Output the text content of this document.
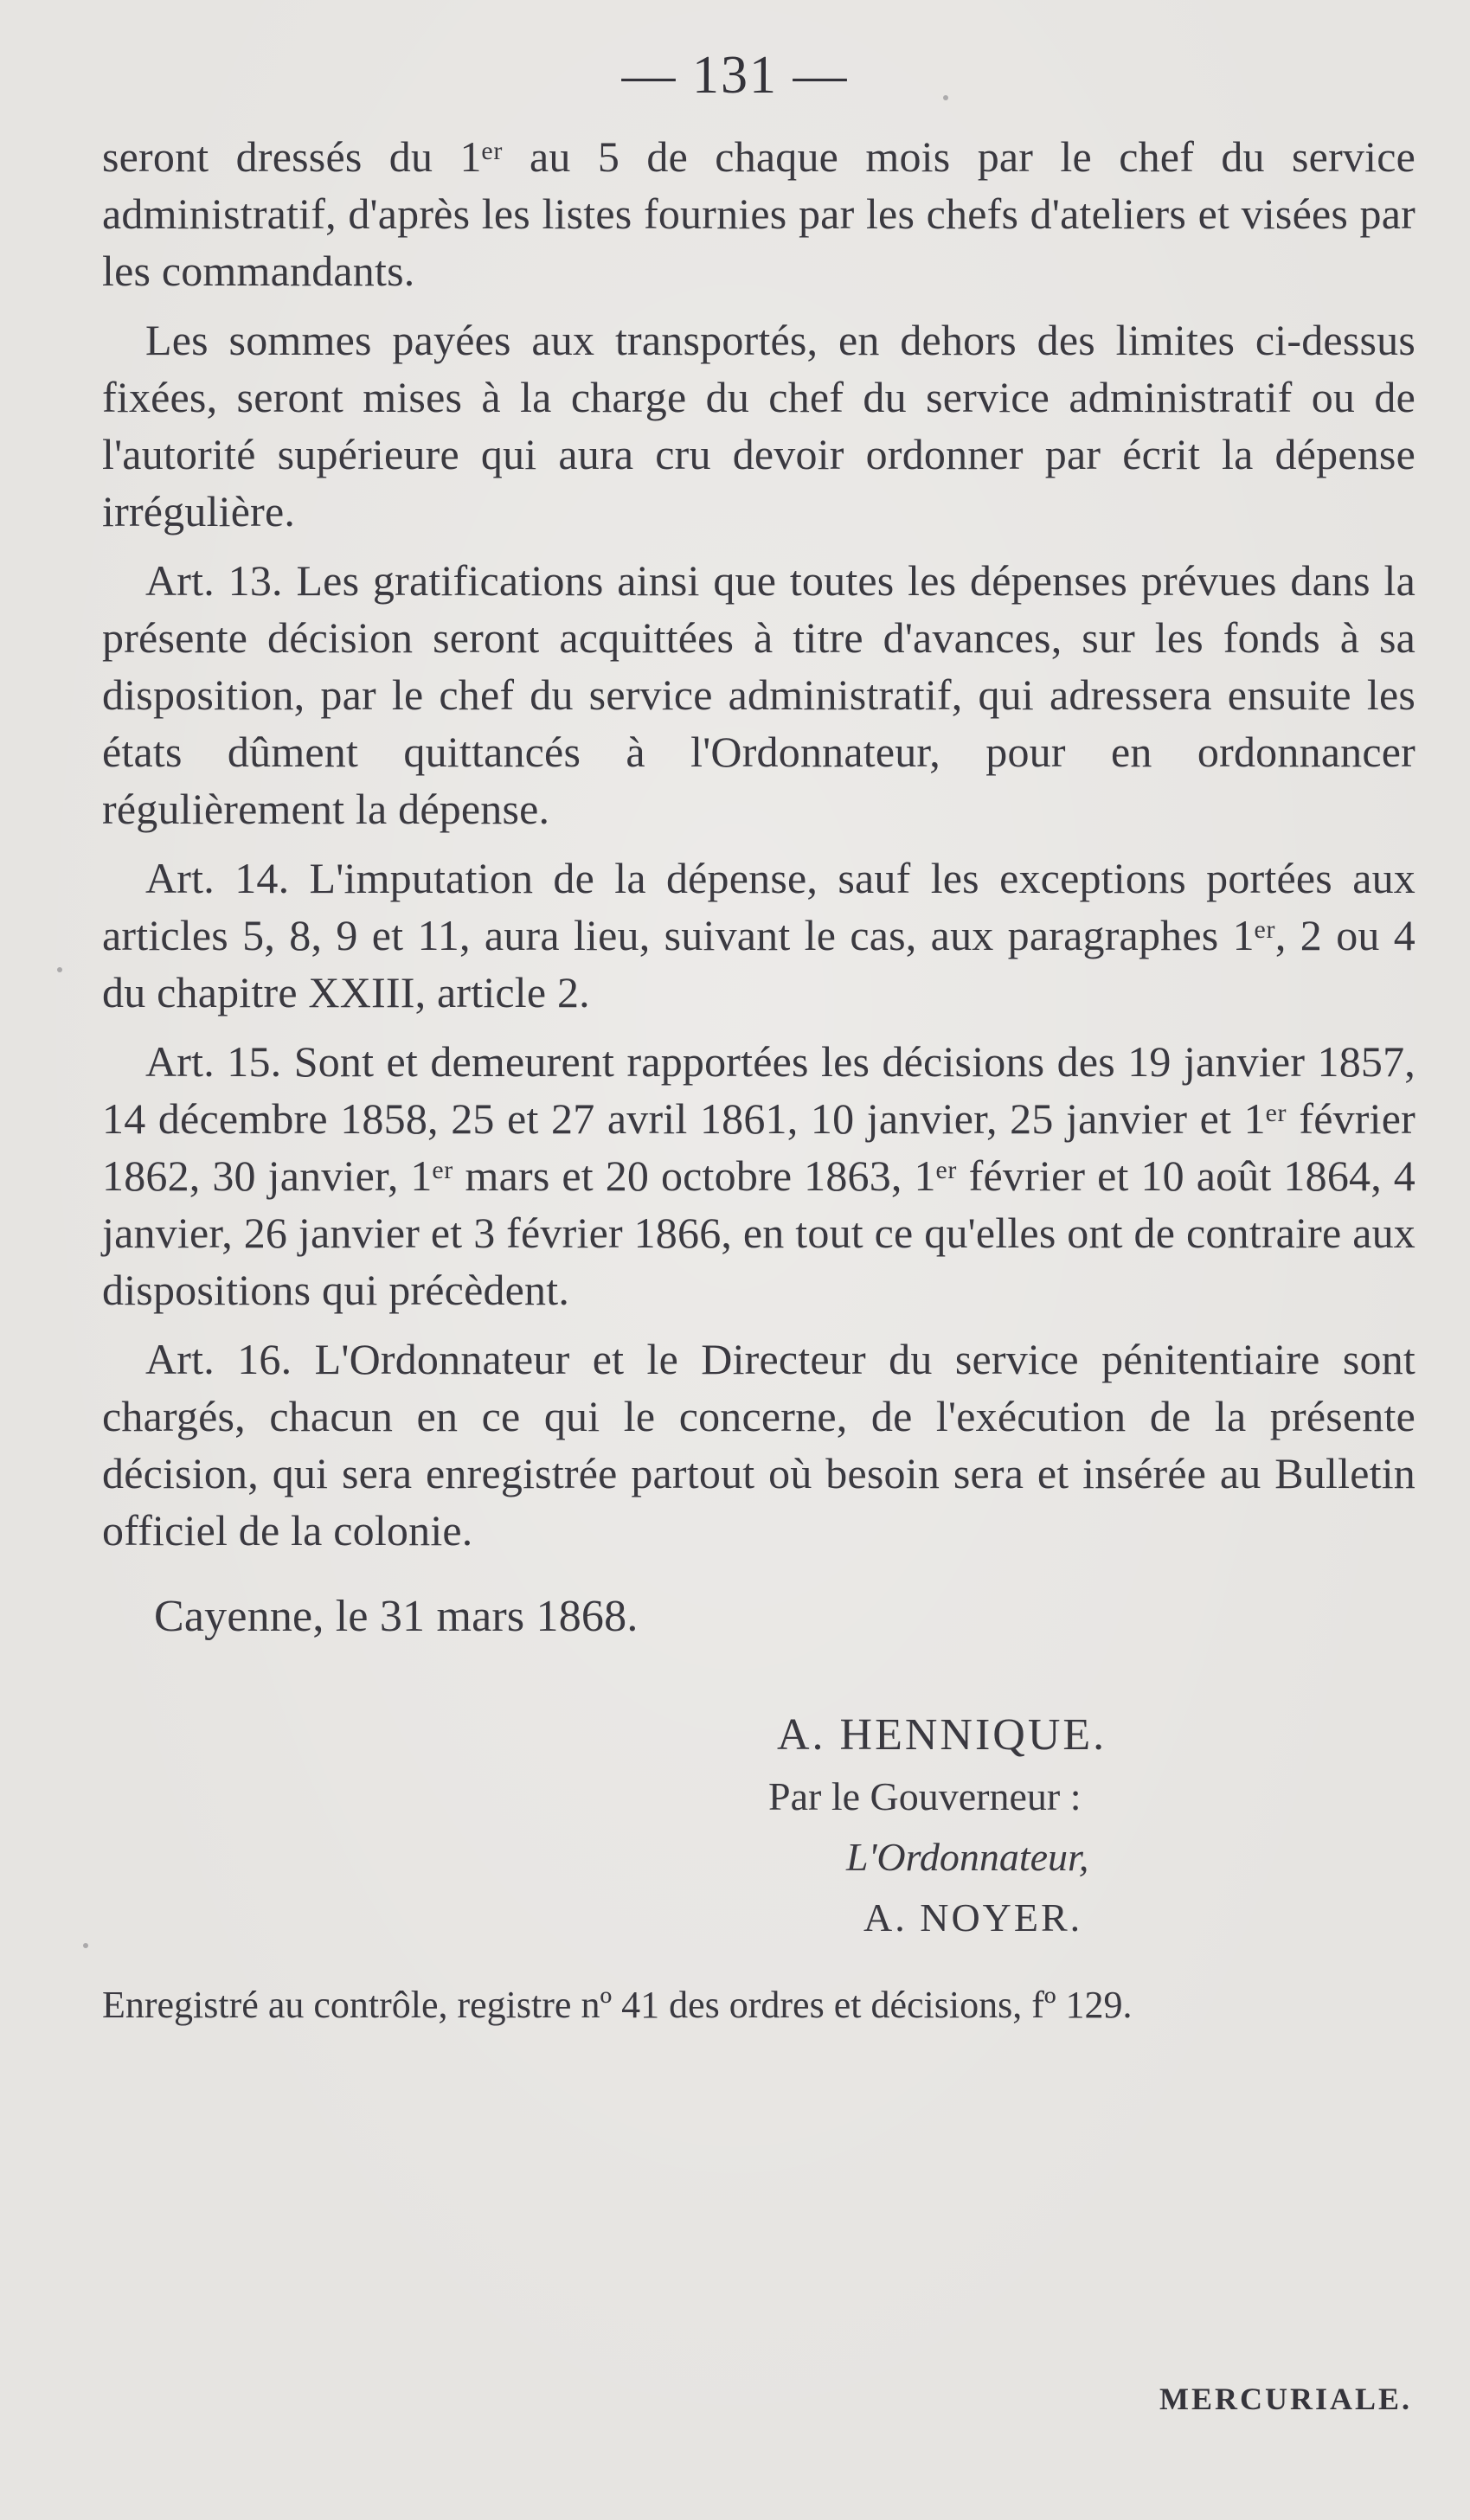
— 131 —

seront dressés du 1ᵉʳ au 5 de chaque mois par le chef du service administratif, d'après les listes fournies par les chefs d'ateliers et visées par les commandants.

Les sommes payées aux transportés, en dehors des limites ci-dessus fixées, seront mises à la charge du chef du service administratif ou de l'autorité supérieure qui aura cru devoir ordonner par écrit la dépense irrégulière.

Art. 13. Les gratifications ainsi que toutes les dépenses prévues dans la présente décision seront acquittées à titre d'avances, sur les fonds à sa disposition, par le chef du service administratif, qui adressera ensuite les états dûment quittancés à l'Ordonnateur, pour en ordonnancer régulièrement la dépense.

Art. 14. L'imputation de la dépense, sauf les exceptions portées aux articles 5, 8, 9 et 11, aura lieu, suivant le cas, aux paragraphes 1ᵉʳ, 2 ou 4 du chapitre XXIII, article 2.

Art. 15. Sont et demeurent rapportées les décisions des 19 janvier 1857, 14 décembre 1858, 25 et 27 avril 1861, 10 janvier, 25 janvier et 1ᵉʳ février 1862, 30 janvier, 1ᵉʳ mars et 20 octobre 1863, 1ᵉʳ février et 10 août 1864, 4 janvier, 26 janvier et 3 février 1866, en tout ce qu'elles ont de contraire aux dispositions qui précèdent.

Art. 16. L'Ordonnateur et le Directeur du service pénitentiaire sont chargés, chacun en ce qui le concerne, de l'exécution de la présente décision, qui sera enregistrée partout où besoin sera et insérée au Bulletin officiel de la colonie.

Cayenne, le 31 mars 1868.

A. HENNIQUE.
Par le Gouverneur :
L'Ordonnateur,
A. NOYER.
Enregistré au contrôle, registre nº 41 des ordres et décisions, fº 129.
MERCURIALE.
